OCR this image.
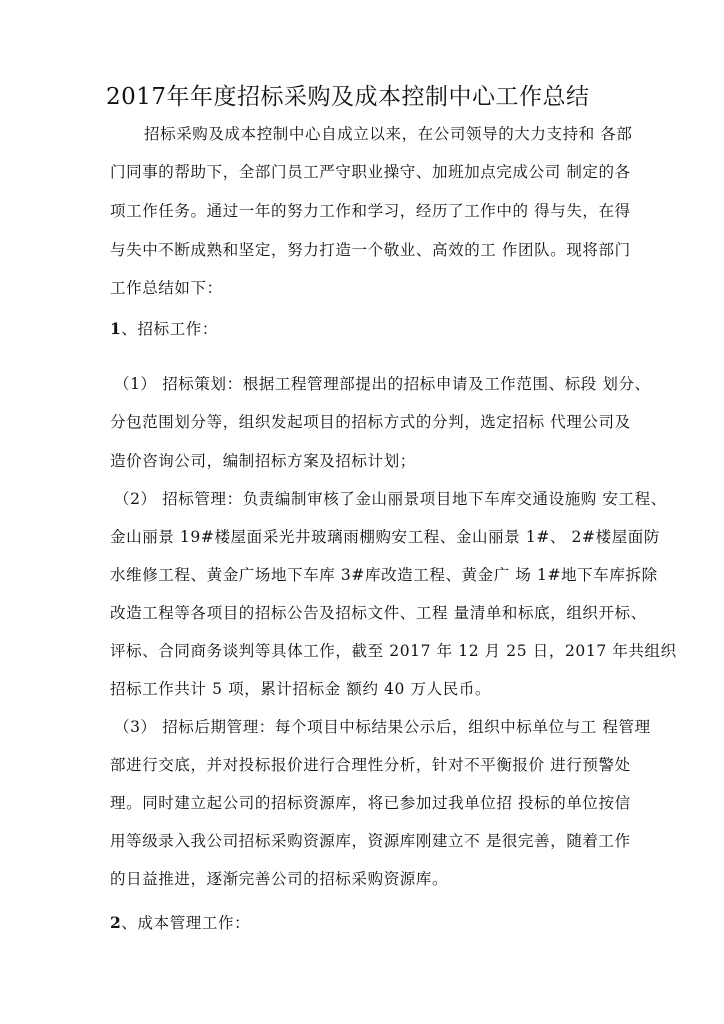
2017年年度招标采购及成本控制中心工作总结
招标采购及成本控制中心自成立以来，在公司领导的大力支持和 各部
门同事的帮助下，全部门员工严守职业操守、加班加点完成公司 制定的各
项工作任务。通过一年的努力工作和学习，经历了工作中的 得与失，在得
与失中不断成熟和坚定，努力打造一个敬业、高效的工 作团队。现将部门
工作总结如下：
1、招标工作：
（1） 招标策划：根据工程管理部提出的招标申请及工作范围、标段 划分、
分包范围划分等，组织发起项目的招标方式的分判，选定招标 代理公司及
造价咨询公司，编制招标方案及招标计划；
（2） 招标管理：负责编制审核了金山丽景项目地下车库交通设施购 安工程、
金山丽景 19#楼屋面采光井玻璃雨棚购安工程、金山丽景 1#、 2#楼屋面防
水维修工程、黄金广场地下车库 3#库改造工程、黄金广 场 1#地下车库拆除
改造工程等各项目的招标公告及招标文件、工程 量清单和标底，组织开标、
评标、合同商务谈判等具体工作，截至 2017 年 12 月 25 日，2017 年共组织
招标工作共计 5 项，累计招标金 额约 40 万人民币。
（3） 招标后期管理：每个项目中标结果公示后，组织中标单位与工 程管理
部进行交底，并对投标报价进行合理性分析，针对不平衡报价 进行预警处
理。同时建立起公司的招标资源库，将已参加过我单位招 投标的单位按信
用等级录入我公司招标采购资源库，资源库刚建立不 是很完善，随着工作
的日益推进，逐渐完善公司的招标采购资源库。
2、成本管理工作：
